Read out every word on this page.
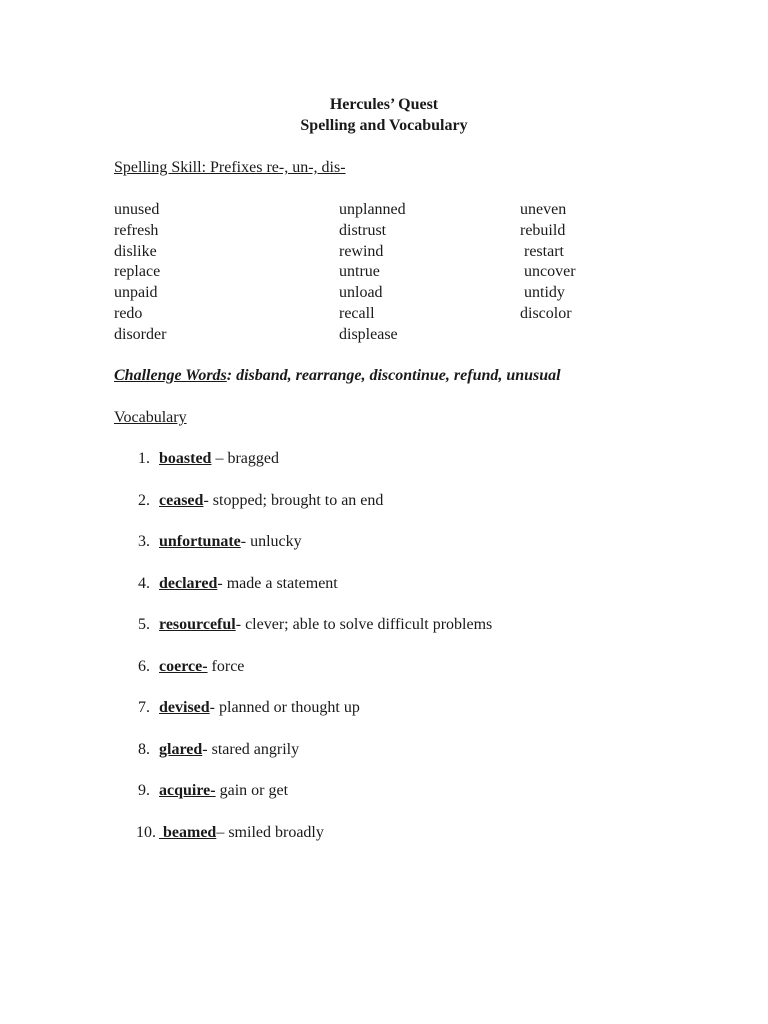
Hercules’ Quest
Spelling and Vocabulary
Spelling Skill: Prefixes re-, un-, dis-
unused
refresh
dislike
replace
unpaid
redo
disorder
unplanned
distrust
rewind
untrue
unload
recall
displease
uneven
rebuild
restart
uncover
untidy
discolor
Challenge Words: disband, rearrange, discontinue, refund, unusual
Vocabulary
1. boasted – bragged
2. ceased- stopped; brought to an end
3. unfortunate- unlucky
4. declared- made a statement
5. resourceful- clever; able to solve difficult problems
6. coerce- force
7. devised- planned or thought up
8. glared- stared angrily
9. acquire- gain or get
10. beamed– smiled broadly
